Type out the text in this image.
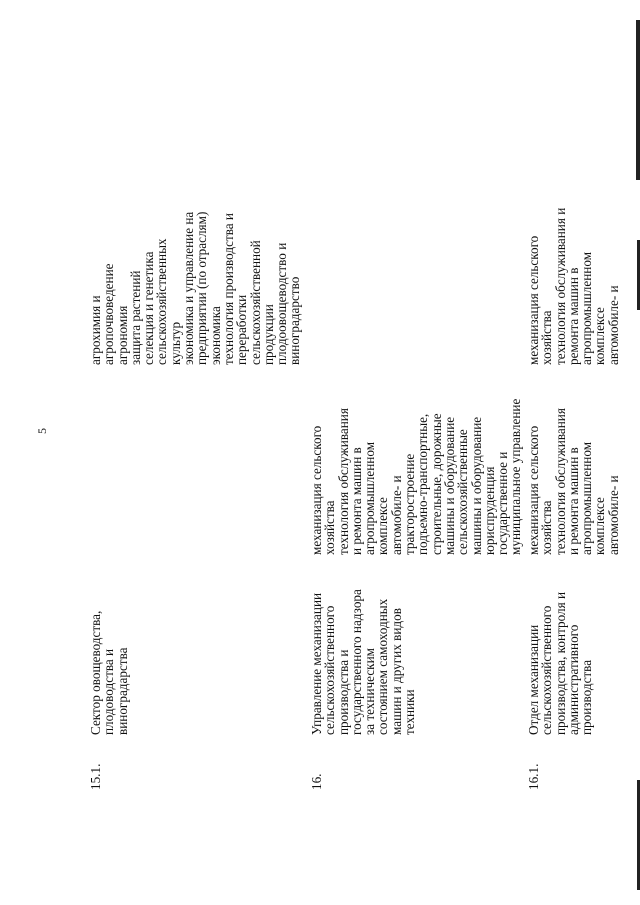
5
15.1.
Сектор овощеводства,
плодоводства и
виноградарства
агрохимия и
агропочвоведение
агрономия
защита растений
селекция и генетика
сельскохозяйственных
культур
экономика и управление на
предприятии (по отраслям)
экономика
технология производства и
переработки
сельскохозяйственной
продукции
плодоовощеводство и
виноградарство
16.
Управление механизации
сельскохозяйственного
производства и
государственного надзора
за техническим
состоянием самоходных
машин и других видов
техники
механизация сельского
хозяйства
технология обслуживания
и ремонта машин в
агропромышленном
комплексе
автомобиле- и
тракторостроение
подъемно-транспортные,
строительные, дорожные
машины и оборудование
сельскохозяйственные
машины и оборудование
юриспруденция
государственное и
муниципальное управление
16.1.
Отдел механизации
сельскохозяйственного
производства, контроля и
административного
производства
механизация сельского
хозяйства
технология обслуживания
и ремонта машин в
агропромышленном
комплексе
автомобиле- и
механизация сельского
хозяйства
технология обслуживания и
ремонта машин в
агропромышленном
комплексе
автомобиле- и
